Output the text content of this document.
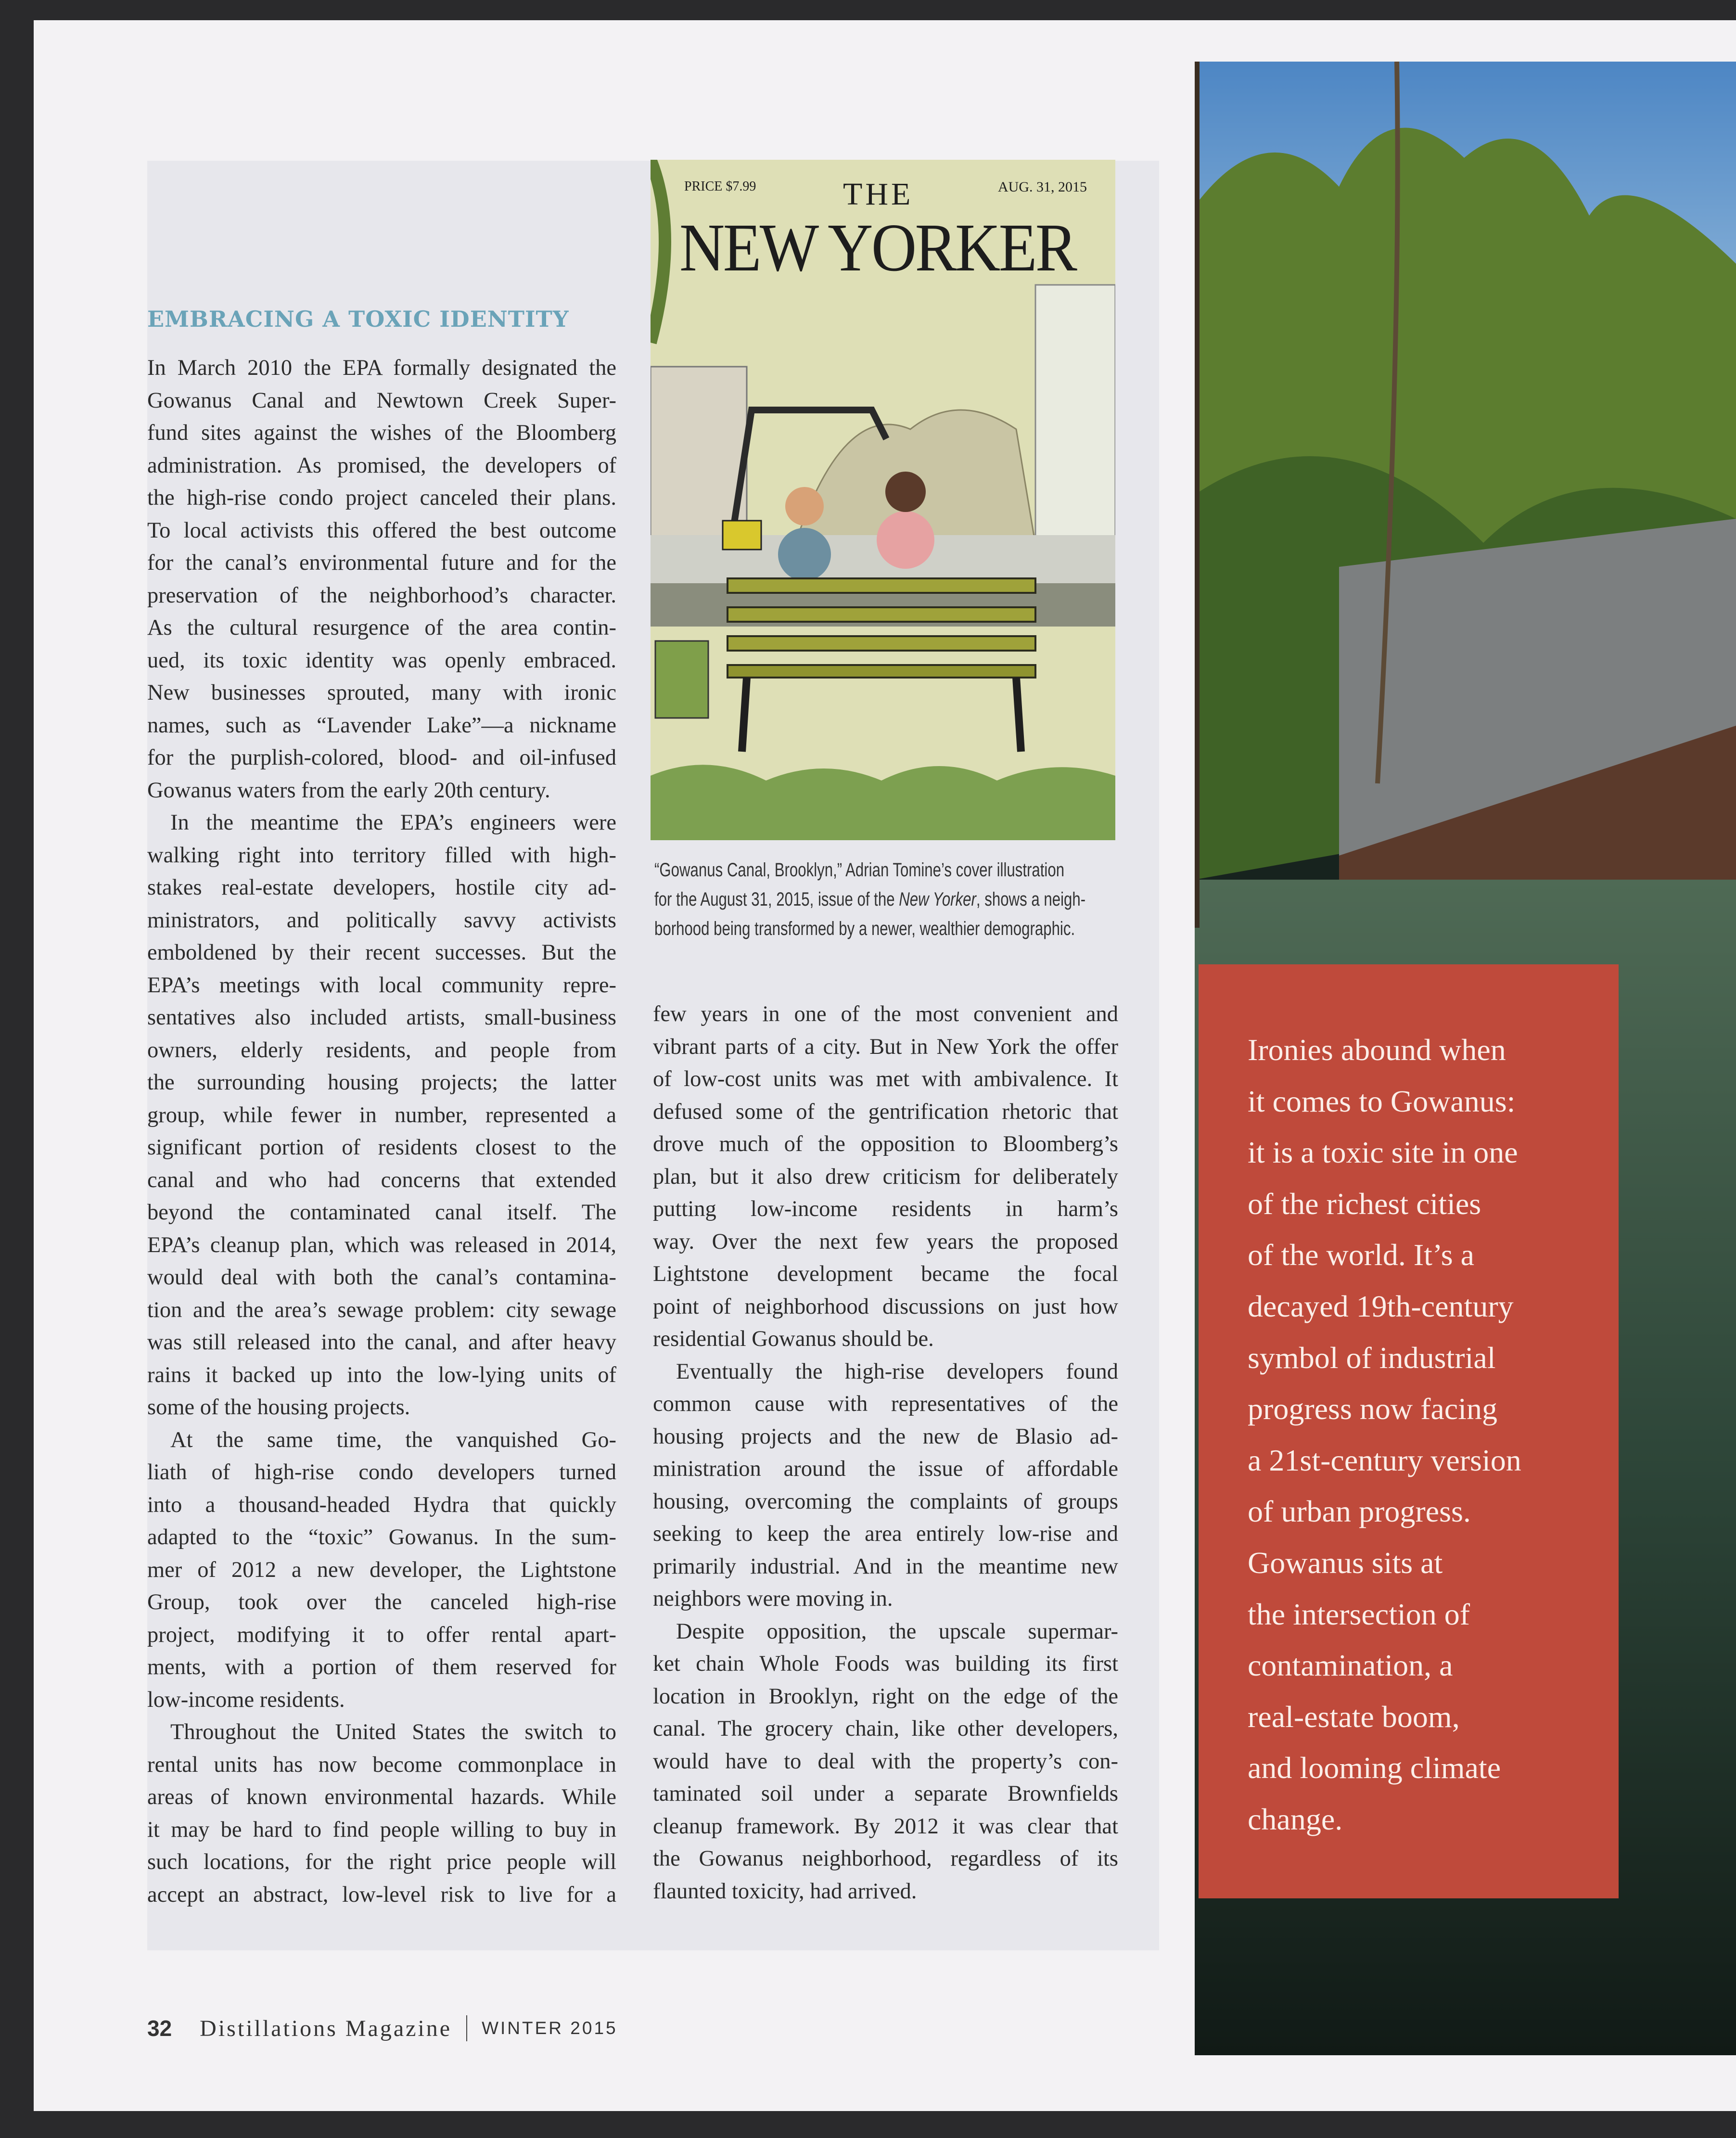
EMBRACING A TOXIC IDENTITY
In March 2010 the EPA formally designated the
Gowanus Canal and Newtown Creek Super-
fund sites against the wishes of the Bloomberg
administration. As promised, the developers of
the high-rise condo project canceled their plans.
To local activists this offered the best outcome
for the canal’s environmental future and for the
preservation of the neighborhood’s character.
As the cultural resurgence of the area contin-
ued, its toxic identity was openly embraced.
New businesses sprouted, many with ironic
names, such as “Lavender Lake”—a nickname
for the purplish-colored, blood- and oil-infused
Gowanus waters from the early 20th century.
In the meantime the EPA’s engineers were
walking right into territory filled with high-
stakes real-estate developers, hostile city ad-
ministrators, and politically savvy activists
emboldened by their recent successes. But the
EPA’s meetings with local community repre-
sentatives also included artists, small-business
owners, elderly residents, and people from
the surrounding housing projects; the latter
group, while fewer in number, represented a
significant portion of residents closest to the
canal and who had concerns that extended
beyond the contaminated canal itself. The
EPA’s cleanup plan, which was released in 2014,
would deal with both the canal’s contamina-
tion and the area’s sewage problem: city sewage
was still released into the canal, and after heavy
rains it backed up into the low-lying units of
some of the housing projects.
At the same time, the vanquished Go-
liath of high-rise condo developers turned
into a thousand-headed Hydra that quickly
adapted to the “toxic” Gowanus. In the sum-
mer of 2012 a new developer, the Lightstone
Group, took over the canceled high-rise
project, modifying it to offer rental apart-
ments, with a portion of them reserved for
low-income residents.
Throughout the United States the switch to
rental units has now become commonplace in
areas of known environmental hazards. While
it may be hard to find people willing to buy in
such locations, for the right price people will
accept an abstract, low-level risk to live for a
few years in one of the most convenient and
vibrant parts of a city. But in New York the offer
of low-cost units was met with ambivalence. It
defused some of the gentrification rhetoric that
drove much of the opposition to Bloomberg’s
plan, but it also drew criticism for deliberately
putting low-income residents in harm’s
way. Over the next few years the proposed
Lightstone development became the focal
point of neighborhood discussions on just how
residential Gowanus should be.
Eventually the high-rise developers found
common cause with representatives of the
housing projects and the new de Blasio ad-
ministration around the issue of affordable
housing, overcoming the complaints of groups
seeking to keep the area entirely low-rise and
primarily industrial. And in the meantime new
neighbors were moving in.
Despite opposition, the upscale supermar-
ket chain Whole Foods was building its first
location in Brooklyn, right on the edge of the
canal. The grocery chain, like other developers,
would have to deal with the property’s con-
taminated soil under a separate Brownfields
cleanup framework. By 2012 it was clear that
the Gowanus neighborhood, regardless of its
flaunted toxicity, had arrived.
PRICE $7.99	AUG. 31, 2015
THE
NEW YORKER
“Gowanus Canal, Brooklyn,” Adrian Tomine’s cover illustration
for the August 31, 2015, issue of the New Yorker, shows a neigh-
borhood being transformed by a newer, wealthier demographic.
Ironies abound when
it comes to Gowanus:
it is a toxic site in one
of the richest cities
of the world. It’s a
decayed 19th-century
symbol of industrial
progress now facing
a 21st-century version
of urban progress.
Gowanus sits at
the intersection of
contamination, a
real-estate boom,
and looming climate
change.
32 Distillations Magazine WINTER 2015
